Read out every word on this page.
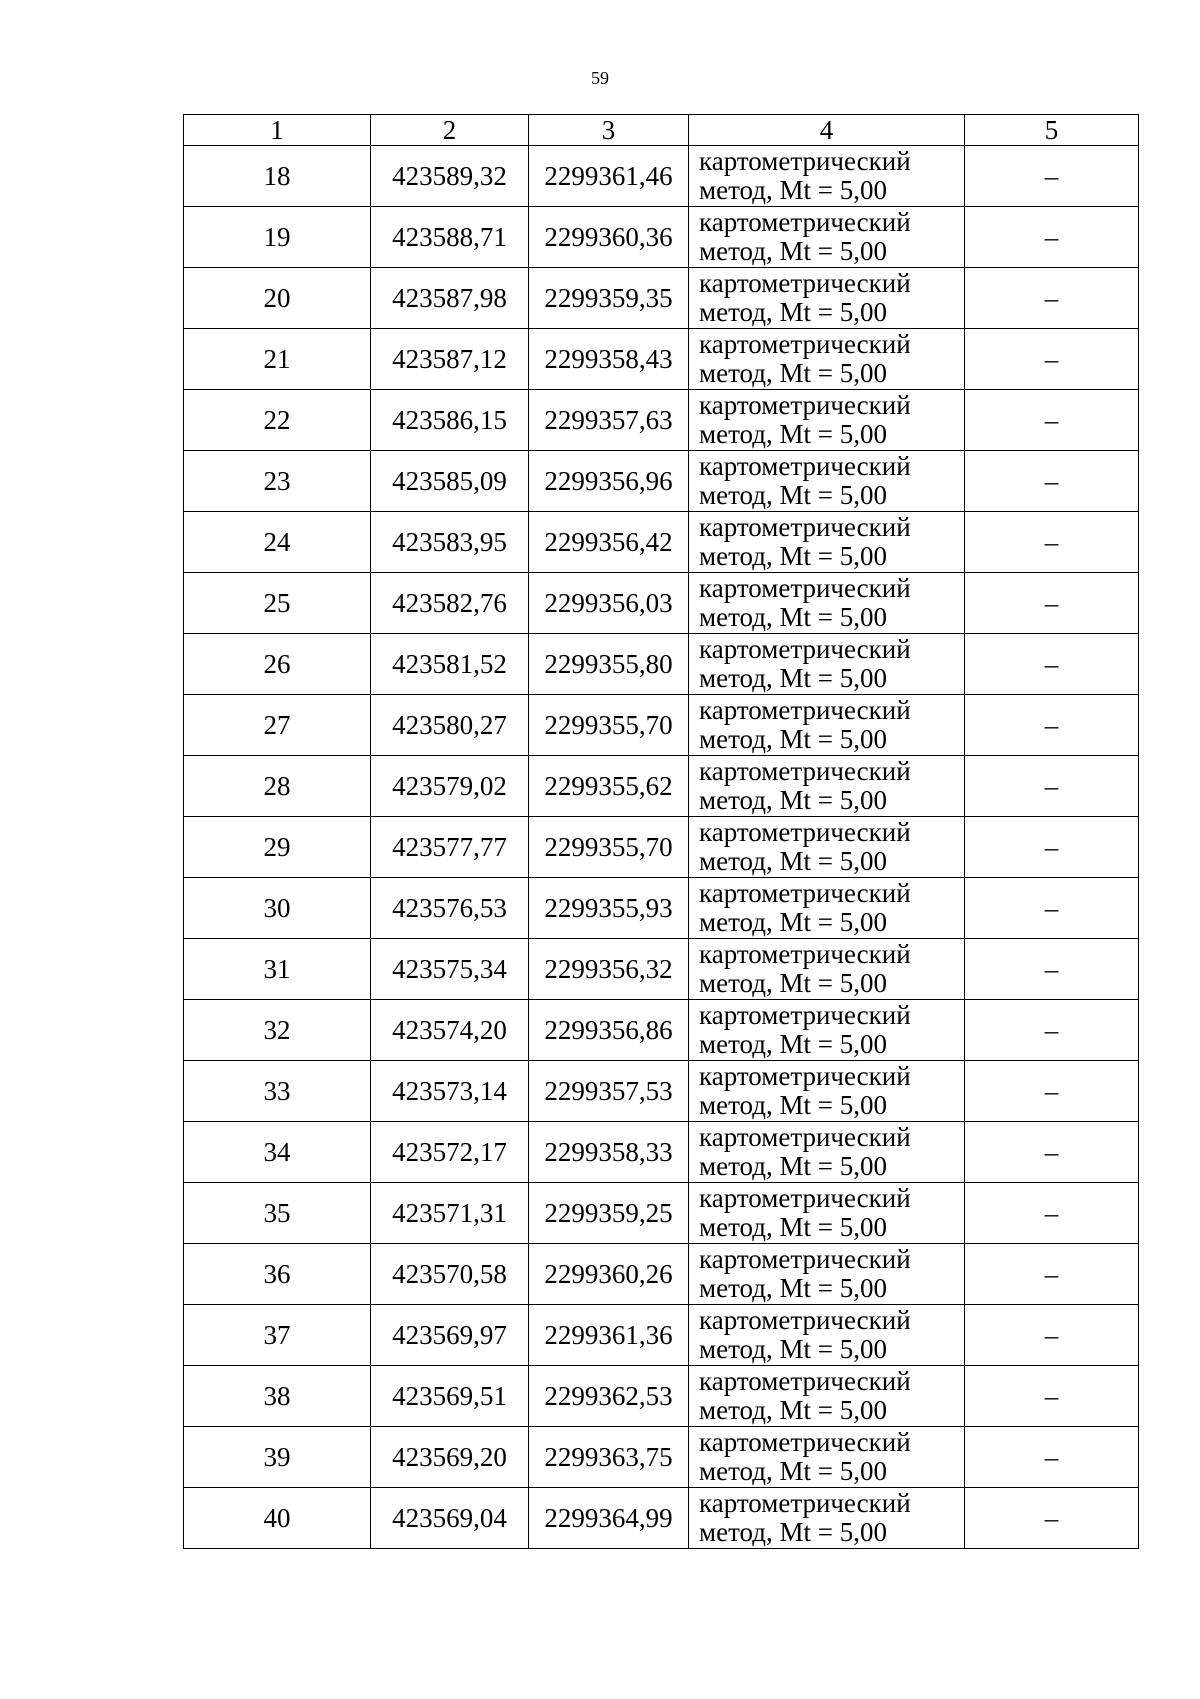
59
1	2	3	4	5
18	423589,32	2299361,46	картометрический
метод, Mt = 5,00	–
19	423588,71	2299360,36	картометрический
метод, Mt = 5,00	–
20	423587,98	2299359,35	картометрический
метод, Mt = 5,00	–
21	423587,12	2299358,43	картометрический
метод, Mt = 5,00	–
22	423586,15	2299357,63	картометрический
метод, Mt = 5,00	–
23	423585,09	2299356,96	картометрический
метод, Mt = 5,00	–
24	423583,95	2299356,42	картометрический
метод, Mt = 5,00	–
25	423582,76	2299356,03	картометрический
метод, Mt = 5,00	–
26	423581,52	2299355,80	картометрический
метод, Mt = 5,00	–
27	423580,27	2299355,70	картометрический
метод, Mt = 5,00	–
28	423579,02	2299355,62	картометрический
метод, Mt = 5,00	–
29	423577,77	2299355,70	картометрический
метод, Mt = 5,00	–
30	423576,53	2299355,93	картометрический
метод, Mt = 5,00	–
31	423575,34	2299356,32	картометрический
метод, Mt = 5,00	–
32	423574,20	2299356,86	картометрический
метод, Mt = 5,00	–
33	423573,14	2299357,53	картометрический
метод, Mt = 5,00	–
34	423572,17	2299358,33	картометрический
метод, Mt = 5,00	–
35	423571,31	2299359,25	картометрический
метод, Mt = 5,00	–
36	423570,58	2299360,26	картометрический
метод, Mt = 5,00	–
37	423569,97	2299361,36	картометрический
метод, Mt = 5,00	–
38	423569,51	2299362,53	картометрический
метод, Mt = 5,00	–
39	423569,20	2299363,75	картометрический
метод, Mt = 5,00	–
40	423569,04	2299364,99	картометрический
метод, Mt = 5,00	–
